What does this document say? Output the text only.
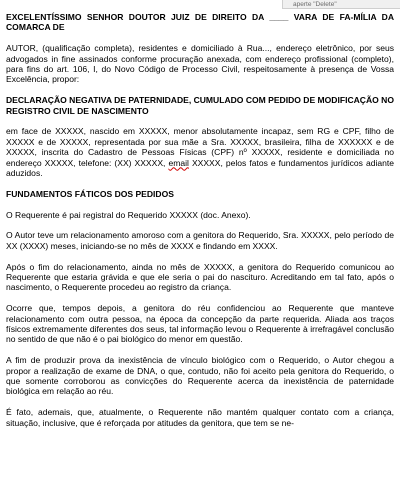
aperte "Delete"

EXCELENTÍSSIMO SENHOR DOUTOR JUIZ DE DIREITO DA ____ VARA DE FA-MÍLIA DA COMARCA DE

AUTOR, (qualificação completa), residentes e domiciliado à Rua..., endereço eletrônico, por seus advogados in fine assinados conforme procuração anexada, com endereço profissional (completo), para fins do art. 106, I, do Novo Código de Processo Civil, respeitosamente à presença de Vossa Excelência, propor:

DECLARAÇÃO NEGATIVA DE PATERNIDADE, CUMULADO COM PEDIDO DE MODIFICAÇÃO NO REGISTRO CIVIL DE NASCIMENTO

em face de XXXXX, nascido em XXXXX, menor absolutamente incapaz, sem RG e CPF, filho de XXXXX e de XXXXX, representada por sua mãe a Sra. XXXXX, brasileira, filha de XXXXXX e de XXXXX, inscrita do Cadastro de Pessoas Físicas (CPF) nº XXXXX, residente e domiciliada no endereço XXXXX, telefone: (XX) XXXXX, email XXXXX, pelos fatos e fundamentos jurídicos adiante aduzidos.

FUNDAMENTOS FÁTICOS DOS PEDIDOS

O Requerente é pai registral do Requerido XXXXX (doc. Anexo).

O Autor teve um relacionamento amoroso com a genitora do Requerido, Sra. XXXXX, pelo período de XX (XXXX) meses, iniciando-se no mês de XXXX e findando em XXXX.

Após o fim do relacionamento, ainda no mês de XXXXX, a genitora do Requerido comunicou ao Requerente que estaria grávida e que ele seria o pai do nascituro. Acreditando em tal fato, após o nascimento, o Requerente procedeu ao registro da criança.

Ocorre que, tempos depois, a genitora do réu confidenciou ao Requerente que manteve relacionamento com outra pessoa, na época da concepção da parte requerida. Aliada aos traços físicos extremamente diferentes dos seus, tal informação levou o Requerente à irrefragável conclusão no sentido de que não é o pai biológico do menor em questão.

A fim de produzir prova da inexistência de vínculo biológico com o Requerido, o Autor chegou a propor a realização de exame de DNA, o que, contudo, não foi aceito pela genitora do Requerido, o que somente corroborou as convicções do Requerente acerca da inexistência de paternidade biológica em relação ao réu.

É fato, ademais, que, atualmente, o Requerente não mantém qualquer contato com a criança, situação, inclusive, que é reforçada por atitudes da genitora, que tem se ne-
